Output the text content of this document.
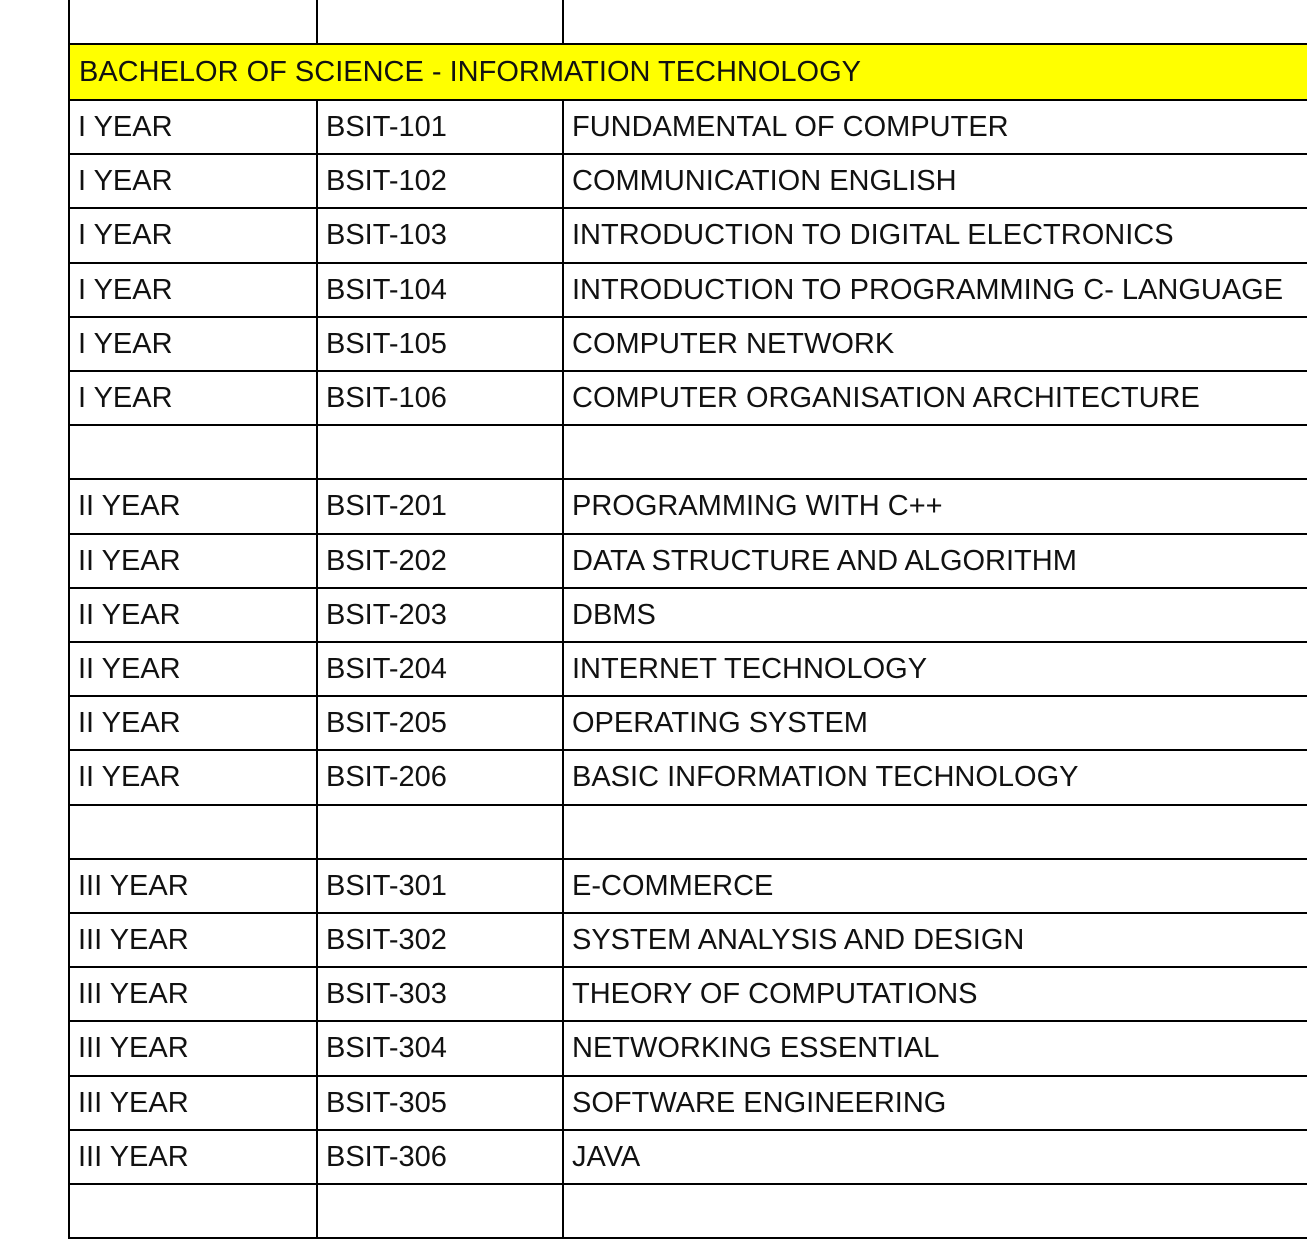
BACHELOR OF SCIENCE - INFORMATION TECHNOLOGY
I YEAR	BSIT-101	FUNDAMENTAL OF COMPUTER
I YEAR	BSIT-102	COMMUNICATION ENGLISH
I YEAR	BSIT-103	INTRODUCTION TO DIGITAL ELECTRONICS
I YEAR	BSIT-104	INTRODUCTION TO PROGRAMMING C- LANGUAGE
I YEAR	BSIT-105	COMPUTER NETWORK
I YEAR	BSIT-106	COMPUTER ORGANISATION ARCHITECTURE
II YEAR	BSIT-201	PROGRAMMING WITH C++
II YEAR	BSIT-202	DATA STRUCTURE AND ALGORITHM
II YEAR	BSIT-203	DBMS
II YEAR	BSIT-204	INTERNET TECHNOLOGY
II YEAR	BSIT-205	OPERATING SYSTEM
II YEAR	BSIT-206	BASIC INFORMATION TECHNOLOGY
III YEAR	BSIT-301	E-COMMERCE
III YEAR	BSIT-302	SYSTEM ANALYSIS AND DESIGN
III YEAR	BSIT-303	THEORY OF COMPUTATIONS
III YEAR	BSIT-304	NETWORKING ESSENTIAL
III YEAR	BSIT-305	SOFTWARE ENGINEERING
III YEAR	BSIT-306	JAVA
